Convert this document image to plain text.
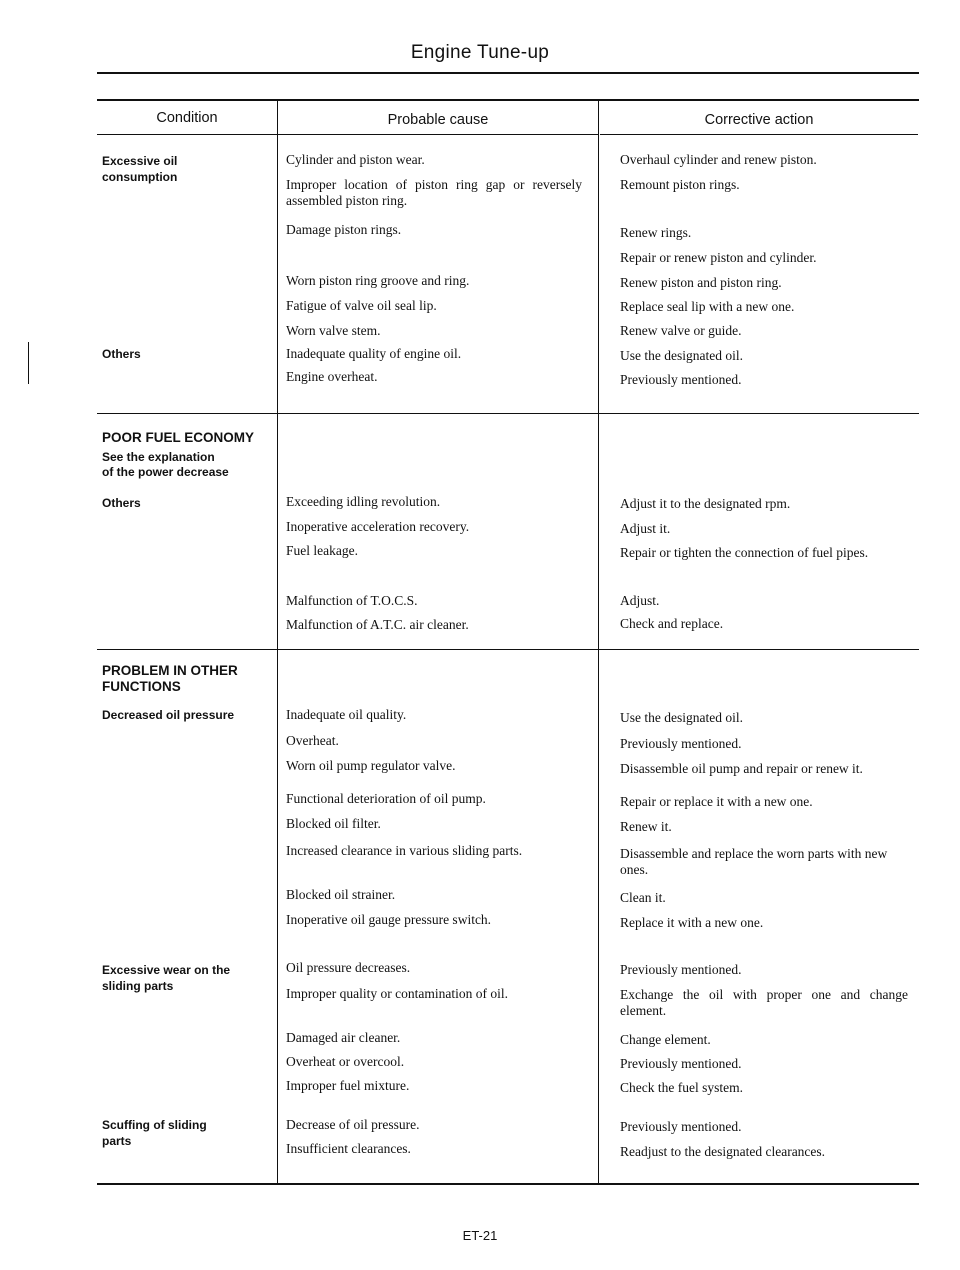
Engine Tune-up
Condition	Probable cause	Corrective action
Excessive oil
consumption
Others
POOR FUEL ECONOMY
See the explanation
of the power decrease
Others
PROBLEM IN OTHER
FUNCTIONS
Decreased oil pressure
Excessive wear on the
sliding parts
Scuffing of sliding
parts
Cylinder and piston wear.
Improper location of piston ring gap or reversely assembled piston ring.
Damage piston rings.
Worn piston ring groove and ring.
Fatigue of valve oil seal lip.
Worn valve stem.
Inadequate quality of engine oil.
Engine overheat.
Exceeding idling revolution.
Inoperative acceleration recovery.
Fuel leakage.
Malfunction of T.O.C.S.
Malfunction of A.T.C. air cleaner.
Inadequate oil quality.
Overheat.
Worn oil pump regulator valve.
Functional deterioration of oil pump.
Blocked oil filter.
Increased clearance in various sliding parts.
Blocked oil strainer.
Inoperative oil gauge pressure switch.
Oil pressure decreases.
Improper quality or contamination of oil.
Damaged air cleaner.
Overheat or overcool.
Improper fuel mixture.
Decrease of oil pressure.
Insufficient clearances.
Overhaul cylinder and renew piston.
Remount piston rings.
Renew rings.
Repair or renew piston and cylinder.
Renew piston and piston ring.
Replace seal lip with a new one.
Renew valve or guide.
Use the designated oil.
Previously mentioned.
Adjust it to the designated rpm.
Adjust it.
Repair or tighten the connection of fuel pipes.
Adjust.
Check and replace.
Use the designated oil.
Previously mentioned.
Disassemble oil pump and repair or renew it.
Repair or replace it with a new one.
Renew it.
Disassemble and replace the worn parts with new ones.
Clean it.
Replace it with a new one.
Previously mentioned.
Exchange the oil with proper one and change element.
Change element.
Previously mentioned.
Check the fuel system.
Previously mentioned.
Readjust to the designated clearances.
ET-21
